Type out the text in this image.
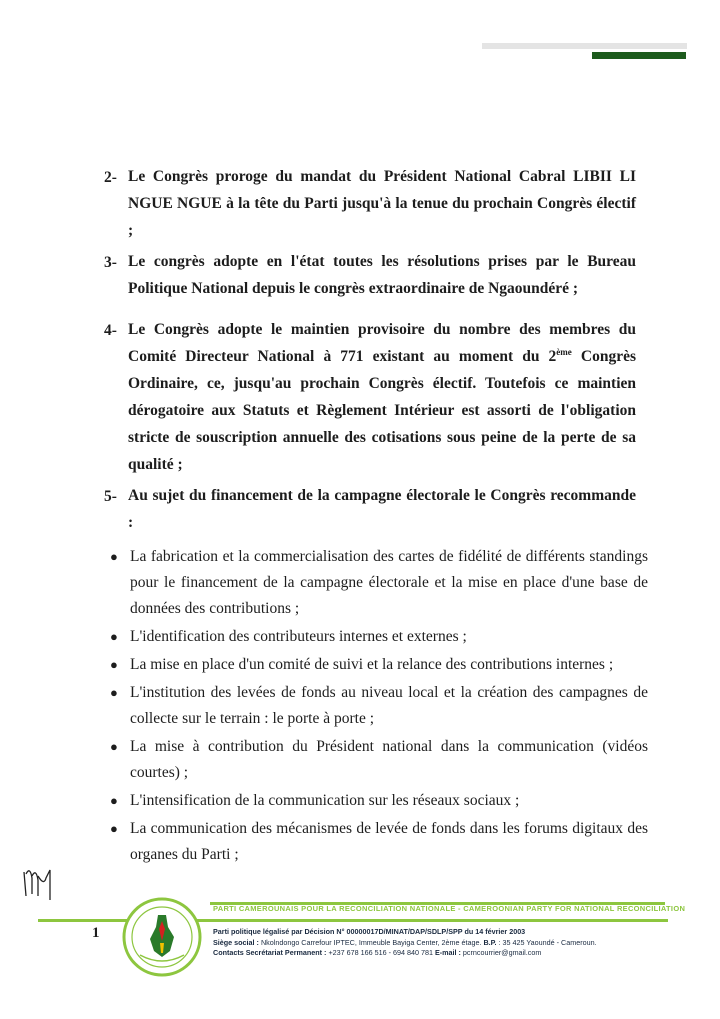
2- Le Congrès proroge du mandat du Président National Cabral LIBII LI NGUE NGUE à la tête du Parti jusqu'à la tenue du prochain Congrès électif ;
3- Le congrès adopte en l'état toutes les résolutions prises par le Bureau Politique National depuis le congrès extraordinaire de Ngaoundéré ;
4- Le Congrès adopte le maintien provisoire du nombre des membres du Comité Directeur National à 771 existant au moment du 2ème Congrès Ordinaire, ce, jusqu'au prochain Congrès électif. Toutefois ce maintien dérogatoire aux Statuts et Règlement Intérieur est assorti de l'obligation stricte de souscription annuelle des cotisations sous peine de la perte de sa qualité ;
5- Au sujet du financement de la campagne électorale le Congrès recommande :
● La fabrication et la commercialisation des cartes de fidélité de différents standings pour le financement de la campagne électorale et la mise en place d'une base de données des contributions ;
● L'identification des contributeurs internes et externes ;
● La mise en place d'un comité de suivi et la relance des contributions internes ;
● L'institution des levées de fonds au niveau local et la création des campagnes de collecte sur le terrain : le porte à porte ;
● La mise à contribution du Président national dans la communication (vidéos courtes) ;
● L'intensification de la communication sur les réseaux sociaux ;
● La communication des mécanismes de levée de fonds dans les forums digitaux des organes du Parti ;
PARTI CAMEROUNAIS POUR LA RECONCILIATION NATIONALE - CAMEROONIAN PARTY FOR NATIONAL RECONCILIATION
1	Parti politique légalisé par Décision N° 00000017D/MINAT/DAP/SDLP/SPP du 14 février 2003
Siège social : Nkolndongo Carrefour IPTEC, Immeuble Bayiga Center, 2ème étage. B.P. : 35 425 Yaoundé - Cameroun.
Contacts Secrétariat Permanent : +237 678 166 516 - 694 840 781 E-mail : pcrncourrier@gmail.com
